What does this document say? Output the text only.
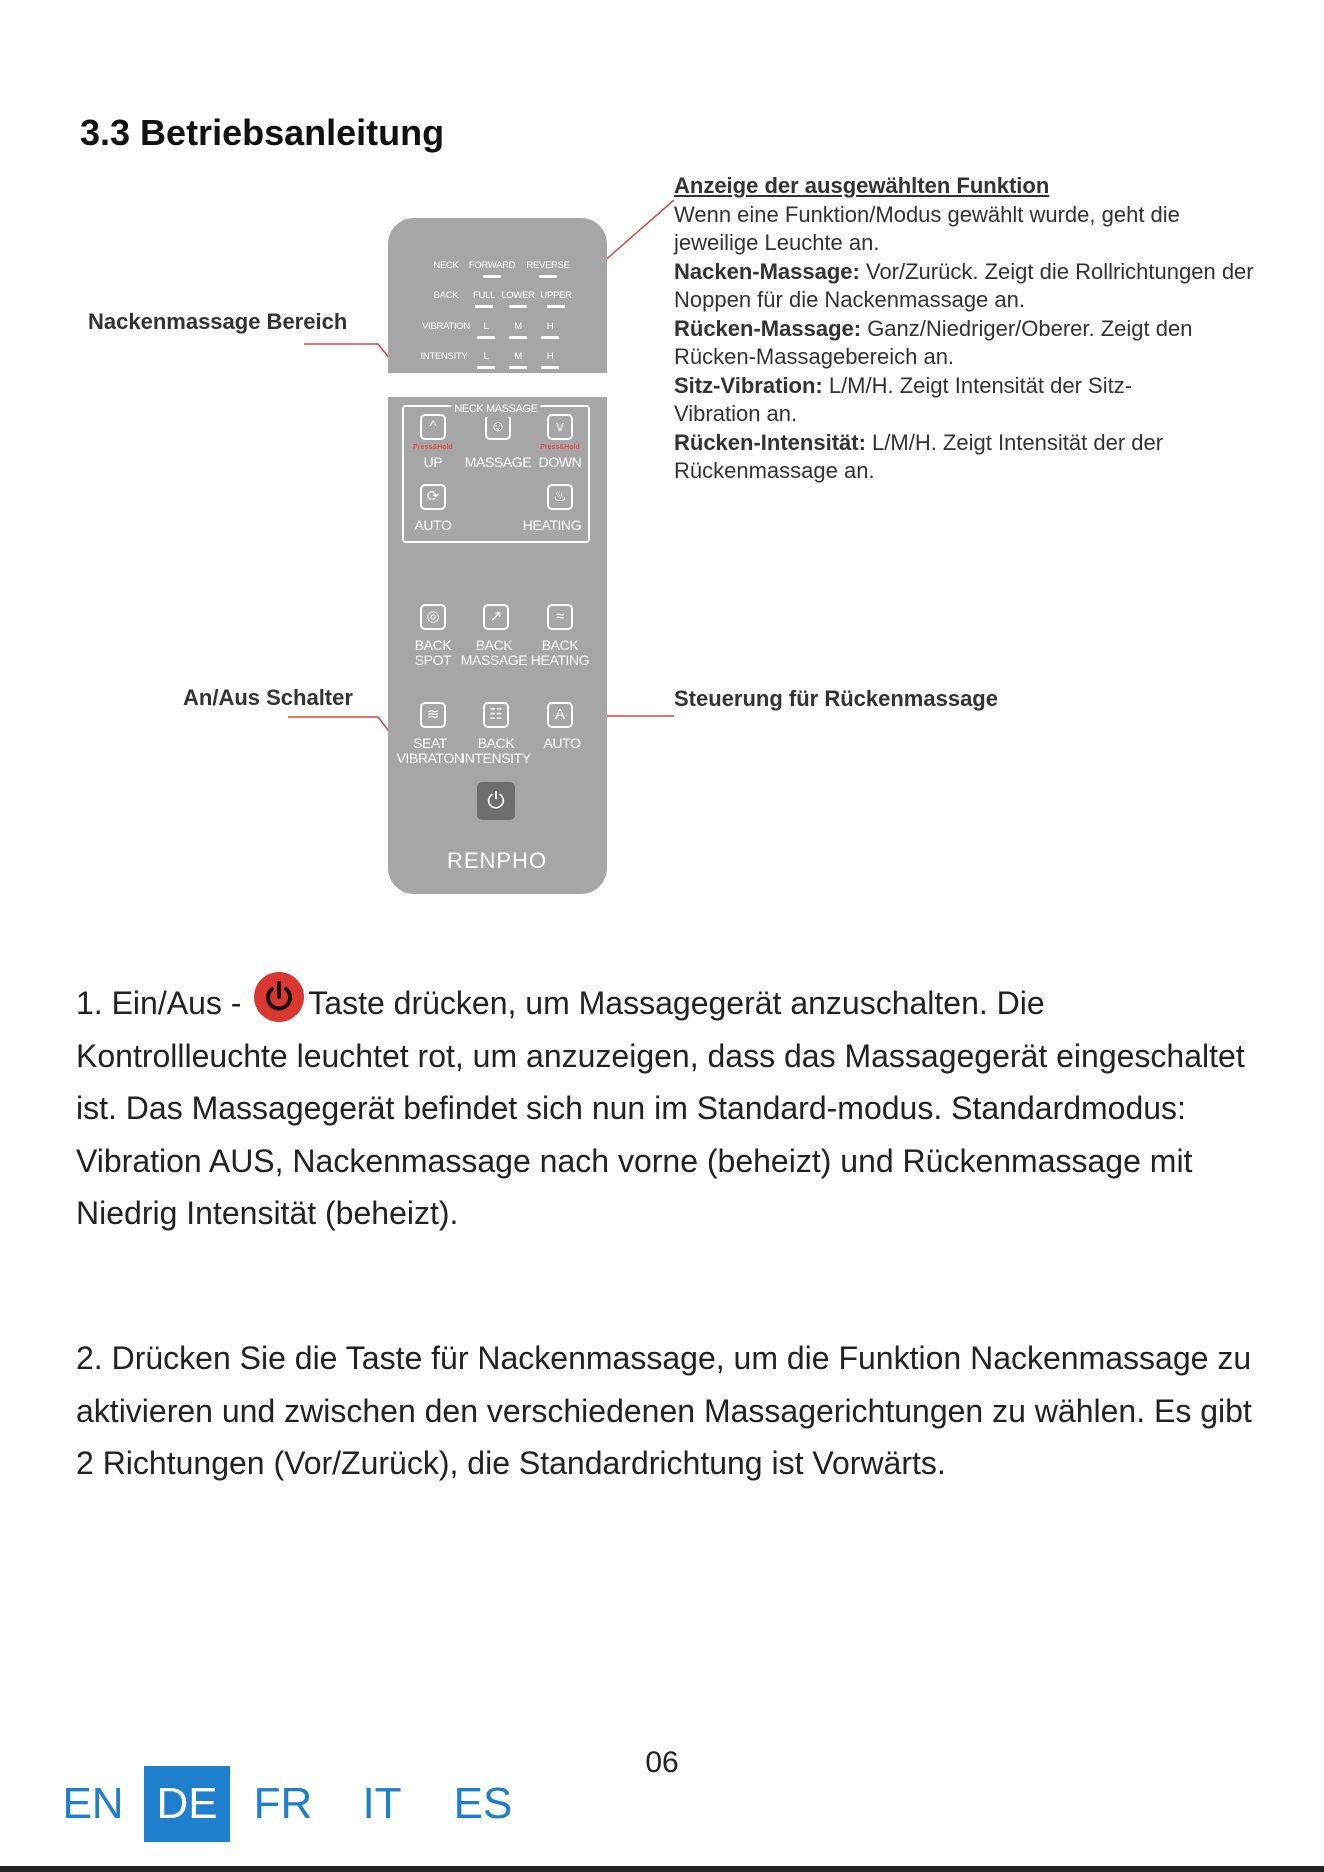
3.3 Betriebsanleitung
Nackenmassage Bereich
An/Aus Schalter	Steuerung für Rückenmassage

Anzeige der ausgewählten Funktion

Wenn eine Funktion/Modus gewählt wurde, geht die jeweilige Leuchte an.

Nacken-Massage: Vor/Zurück. Zeigt die Rollrichtungen der Noppen für die Nackenmassage an.

Rücken-Massage: Ganz/Niedriger/Oberer. Zeigt den Rücken-Massagebereich an.

Sitz-Vibration: L/M/H. Zeigt Intensität der Sitz-Vibration an.

Rücken-Intensität: L/M/H. Zeigt Intensität der der Rückenmassage an.

NECK FORWARD REVERSE
BACK FULL LOWER UPPER
VIBRATION L	M	H
INTENSITY L	M	H
NECK MASSAGE
^	☺	v
Press&Hold	Press&Hold
UP MASSAGE DOWN
⟳	♨
AUTO	HEATING
◎	↗	≈
BACK
SPOT
BACK
MASSAGE
BACK
HEATING
≋	☷	A
SEAT
VIBRATON
BACK
INTENSITY
AUTO
⏻
RENPHO

1. Ein/Aus -
Taste drücken, um Massagegerät anzuschalten. Die Kontrollleuchte leuchtet rot, um anzuzeigen, dass das Massagegerät eingeschaltet ist. Das Massagegerät befindet sich nun im Standard-modus. Standardmodus: Vibration AUS, Nackenmassage nach vorne (beheizt) und Rückenmassage mit Niedrig Intensität (beheizt).

2. Drücken Sie die Taste für Nackenmassage, um die Funktion Nackenmassage zu aktivieren und zwischen den verschiedenen Massagerichtungen zu wählen. Es gibt 2 Richtungen (Vor/Zurück), die Standardrichtung ist Vorwärts.

06
EN DE FR IT ES
